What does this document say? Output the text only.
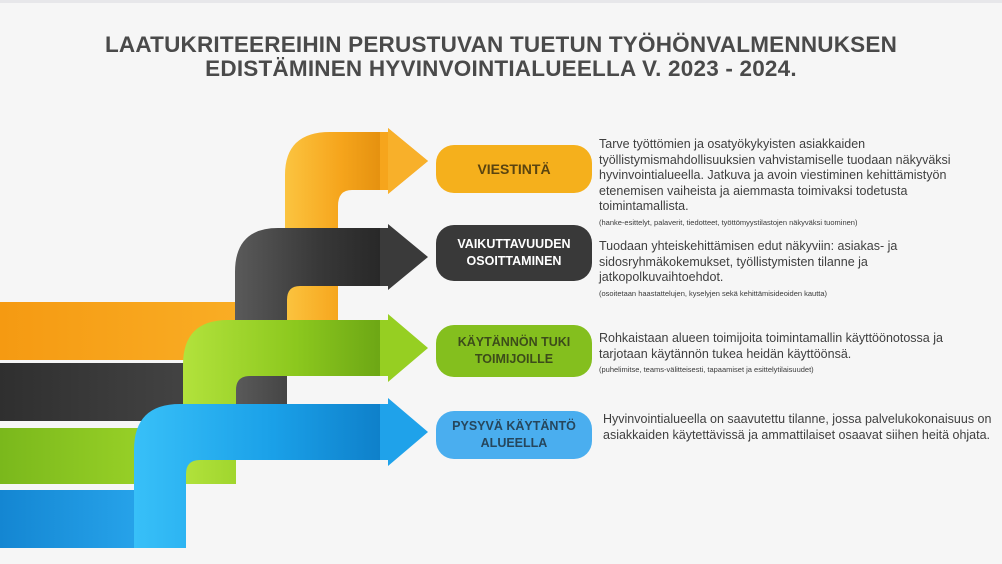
LAATUKRITEEREIHIN PERUSTUVAN TUETUN TYÖHÖNVALMENNUKSEN
EDISTÄMINEN HYVINVOINTIALUEELLA V. 2023 - 2024.
VIESTINTÄ
VAIKUTTAVUUDEN
OSOITTAMINEN
KÄYTÄNNÖN TUKI
TOIMIJOILLE
PYSYVÄ KÄYTÄNTÖ
ALUEELLA
Tarve työttömien ja osatyökykyisten asiakkaiden työllistymismahdollisuuksien vahvistamiselle tuodaan näkyväksi hyvinvointialueella. Jatkuva ja avoin viestiminen kehittämistyön etenemisen vaiheista ja aiemmasta toimivaksi todetusta toimintamallista.
(hanke-esittelyt, palaverit, tiedotteet, työttömyystilastojen näkyväksi tuominen)
Tuodaan yhteiskehittämisen edut näkyviin: asiakas- ja sidosryhmäkokemukset, työllistymisten tilanne ja jatkopolkuvaihtoehdot.
(osoitetaan haastattelujen, kyselyjen sekä kehittämisideoiden kautta)
Rohkaistaan alueen toimijoita toimintamallin käyttöönotossa ja tarjotaan käytännön tukea heidän käyttöönsä.
(puhelimitse, teams-välitteisesti, tapaamiset ja esittelytilaisuudet)
Hyvinvointialueella on saavutettu tilanne, jossa palvelukokonaisuus on asiakkaiden käytettävissä ja ammattilaiset osaavat siihen heitä ohjata.
